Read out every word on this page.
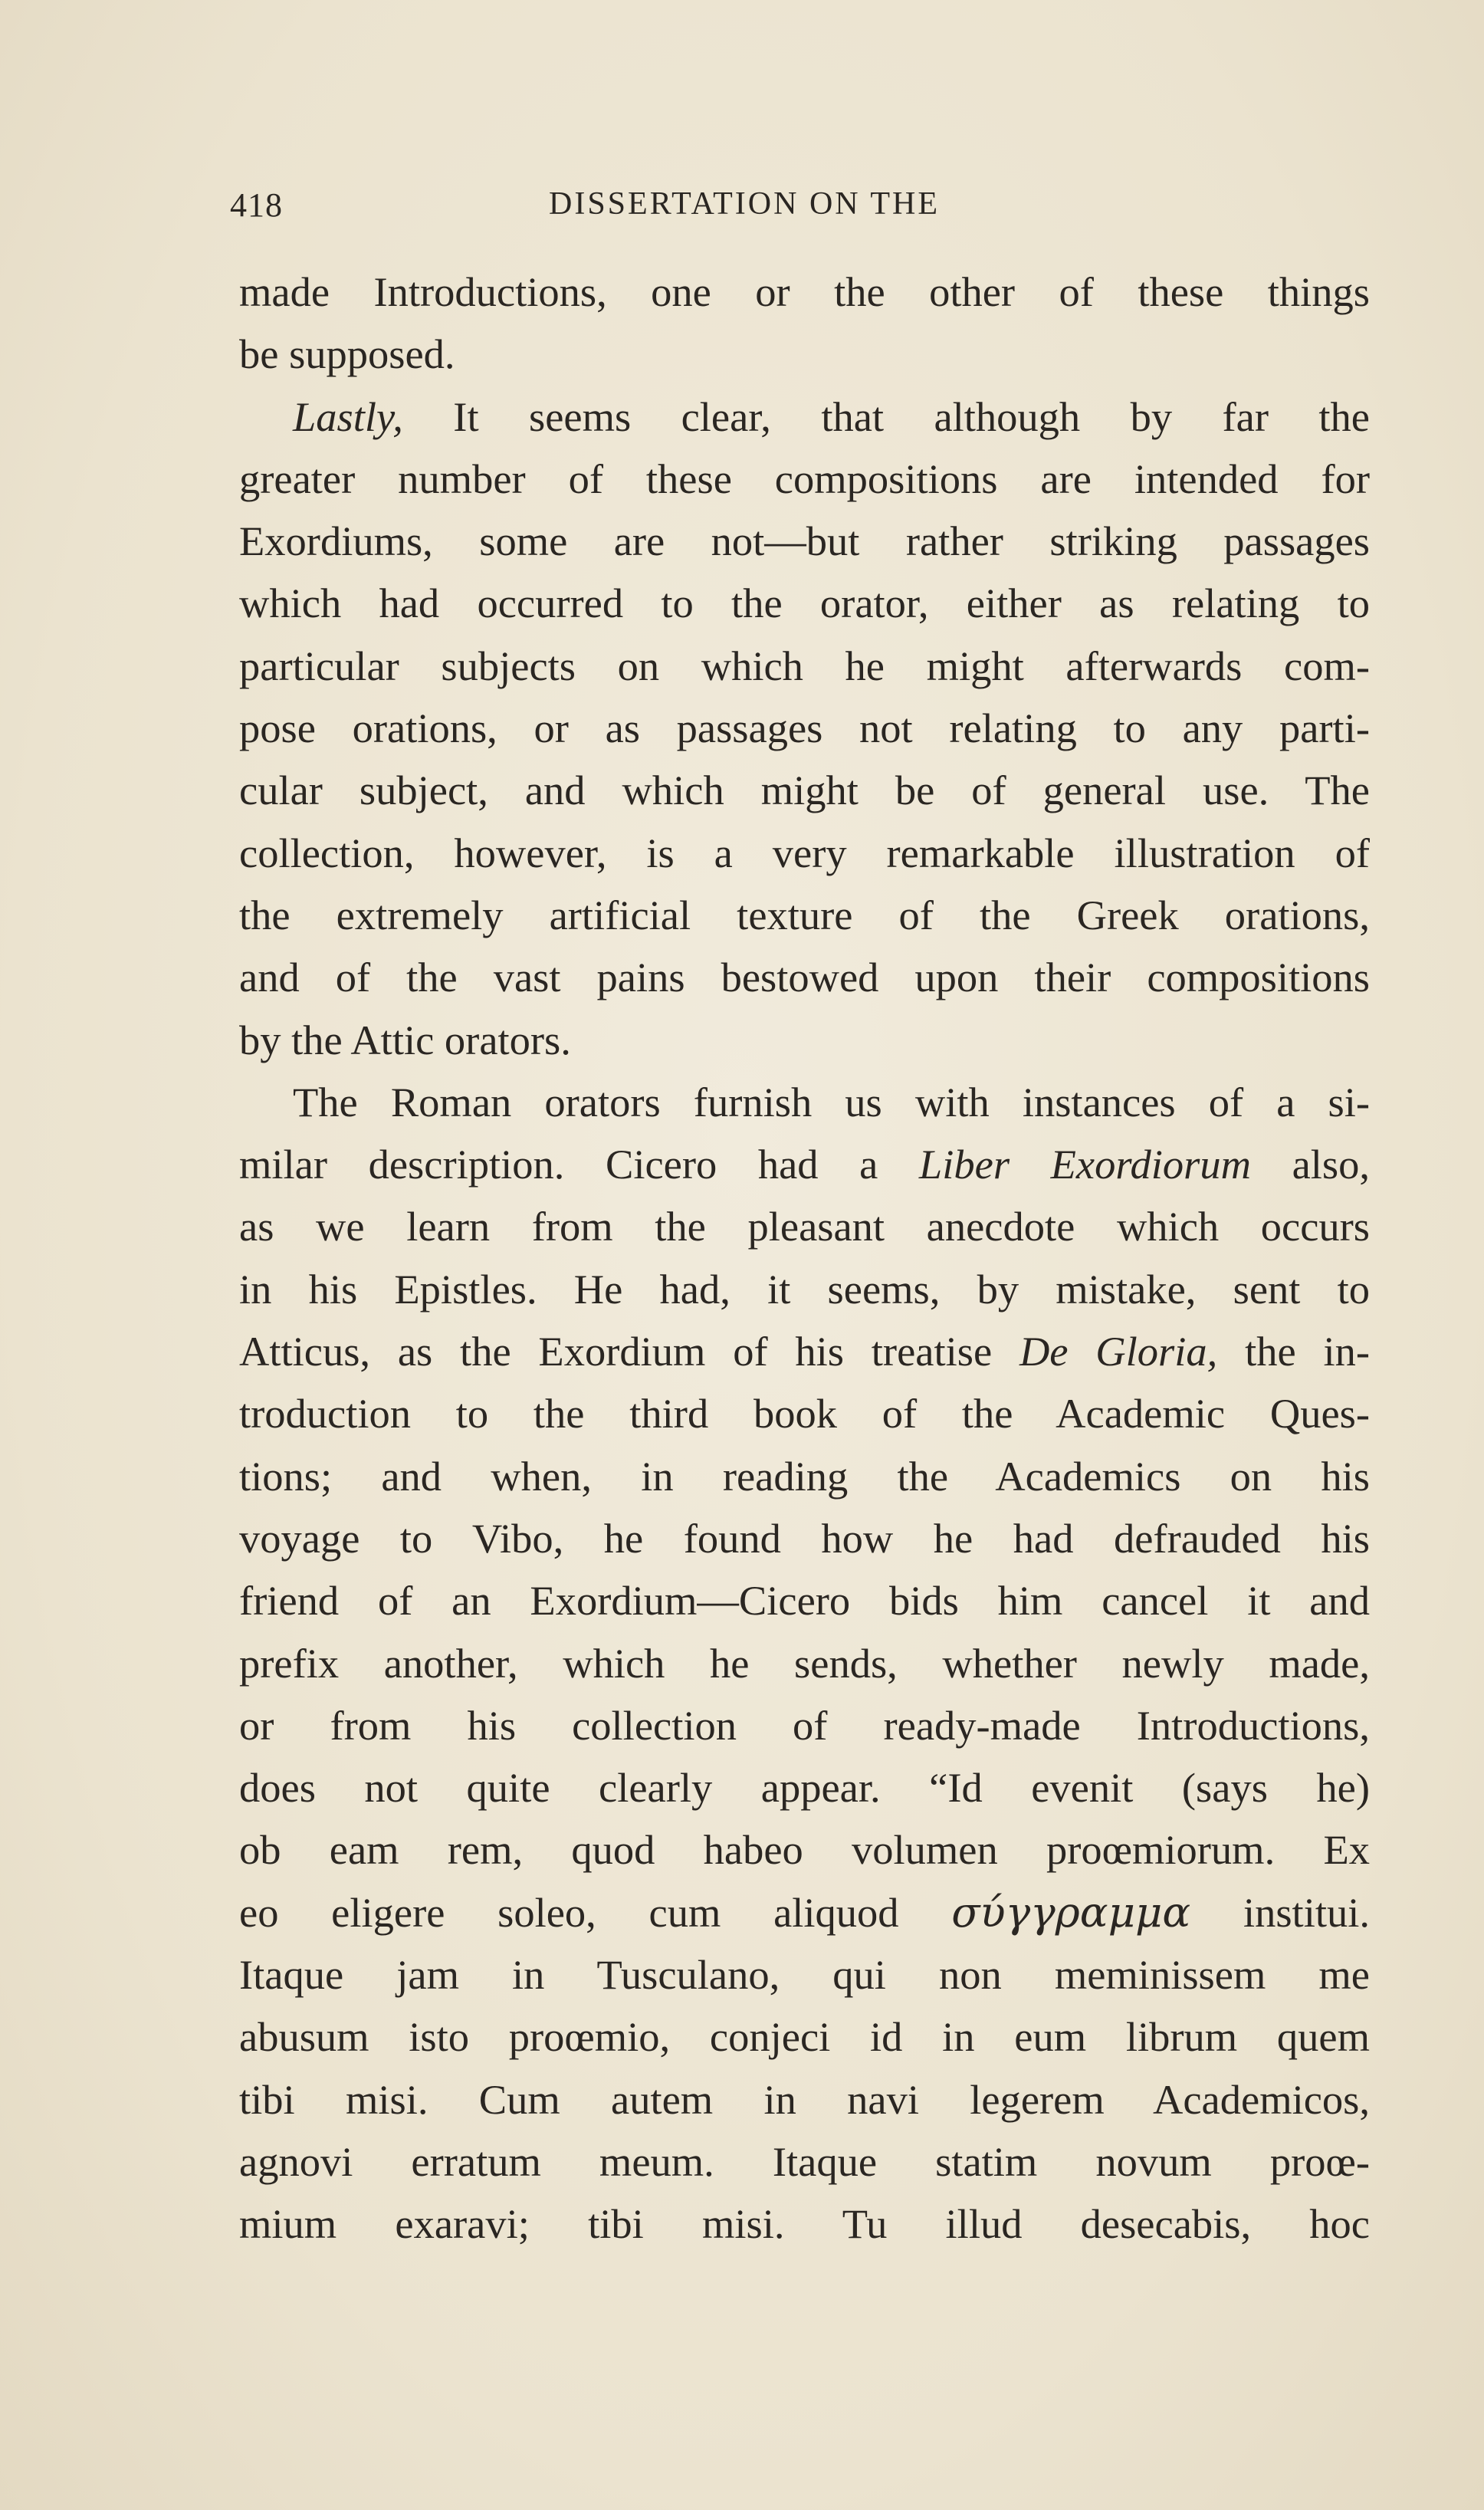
418	DISSERTATION ON THE
made Introductions, one or the other of these things
be supposed.
Lastly, It seems clear, that although by far the
greater number of these compositions are intended for
Exordiums, some are not—but rather striking passages
which had occurred to the orator, either as relating to
particular subjects on which he might afterwards com-
pose orations, or as passages not relating to any parti-
cular subject, and which might be of general use. The
collection, however, is a very remarkable illustration of
the extremely artificial texture of the Greek orations,
and of the vast pains bestowed upon their compositions
by the Attic orators.
The Roman orators furnish us with instances of a si-
milar description. Cicero had a Liber Exordiorum also,
as we learn from the pleasant anecdote which occurs
in his Epistles. He had, it seems, by mistake, sent to
Atticus, as the Exordium of his treatise De Gloria, the in-
troduction to the third book of the Academic Ques-
tions; and when, in reading the Academics on his
voyage to Vibo, he found how he had defrauded his
friend of an Exordium—Cicero bids him cancel it and
prefix another, which he sends, whether newly made,
or from his collection of ready-made Introductions,
does not quite clearly appear. “Id evenit (says he)
ob eam rem, quod habeo volumen proœmiorum. Ex
eo eligere soleo, cum aliquod σύγγραμμα institui.
Itaque jam in Tusculano, qui non meminissem me
abusum isto proœmio, conjeci id in eum librum quem
tibi misi. Cum autem in navi legerem Academicos,
agnovi erratum meum. Itaque statim novum proœ-
mium exaravi; tibi misi. Tu illud desecabis, hoc
